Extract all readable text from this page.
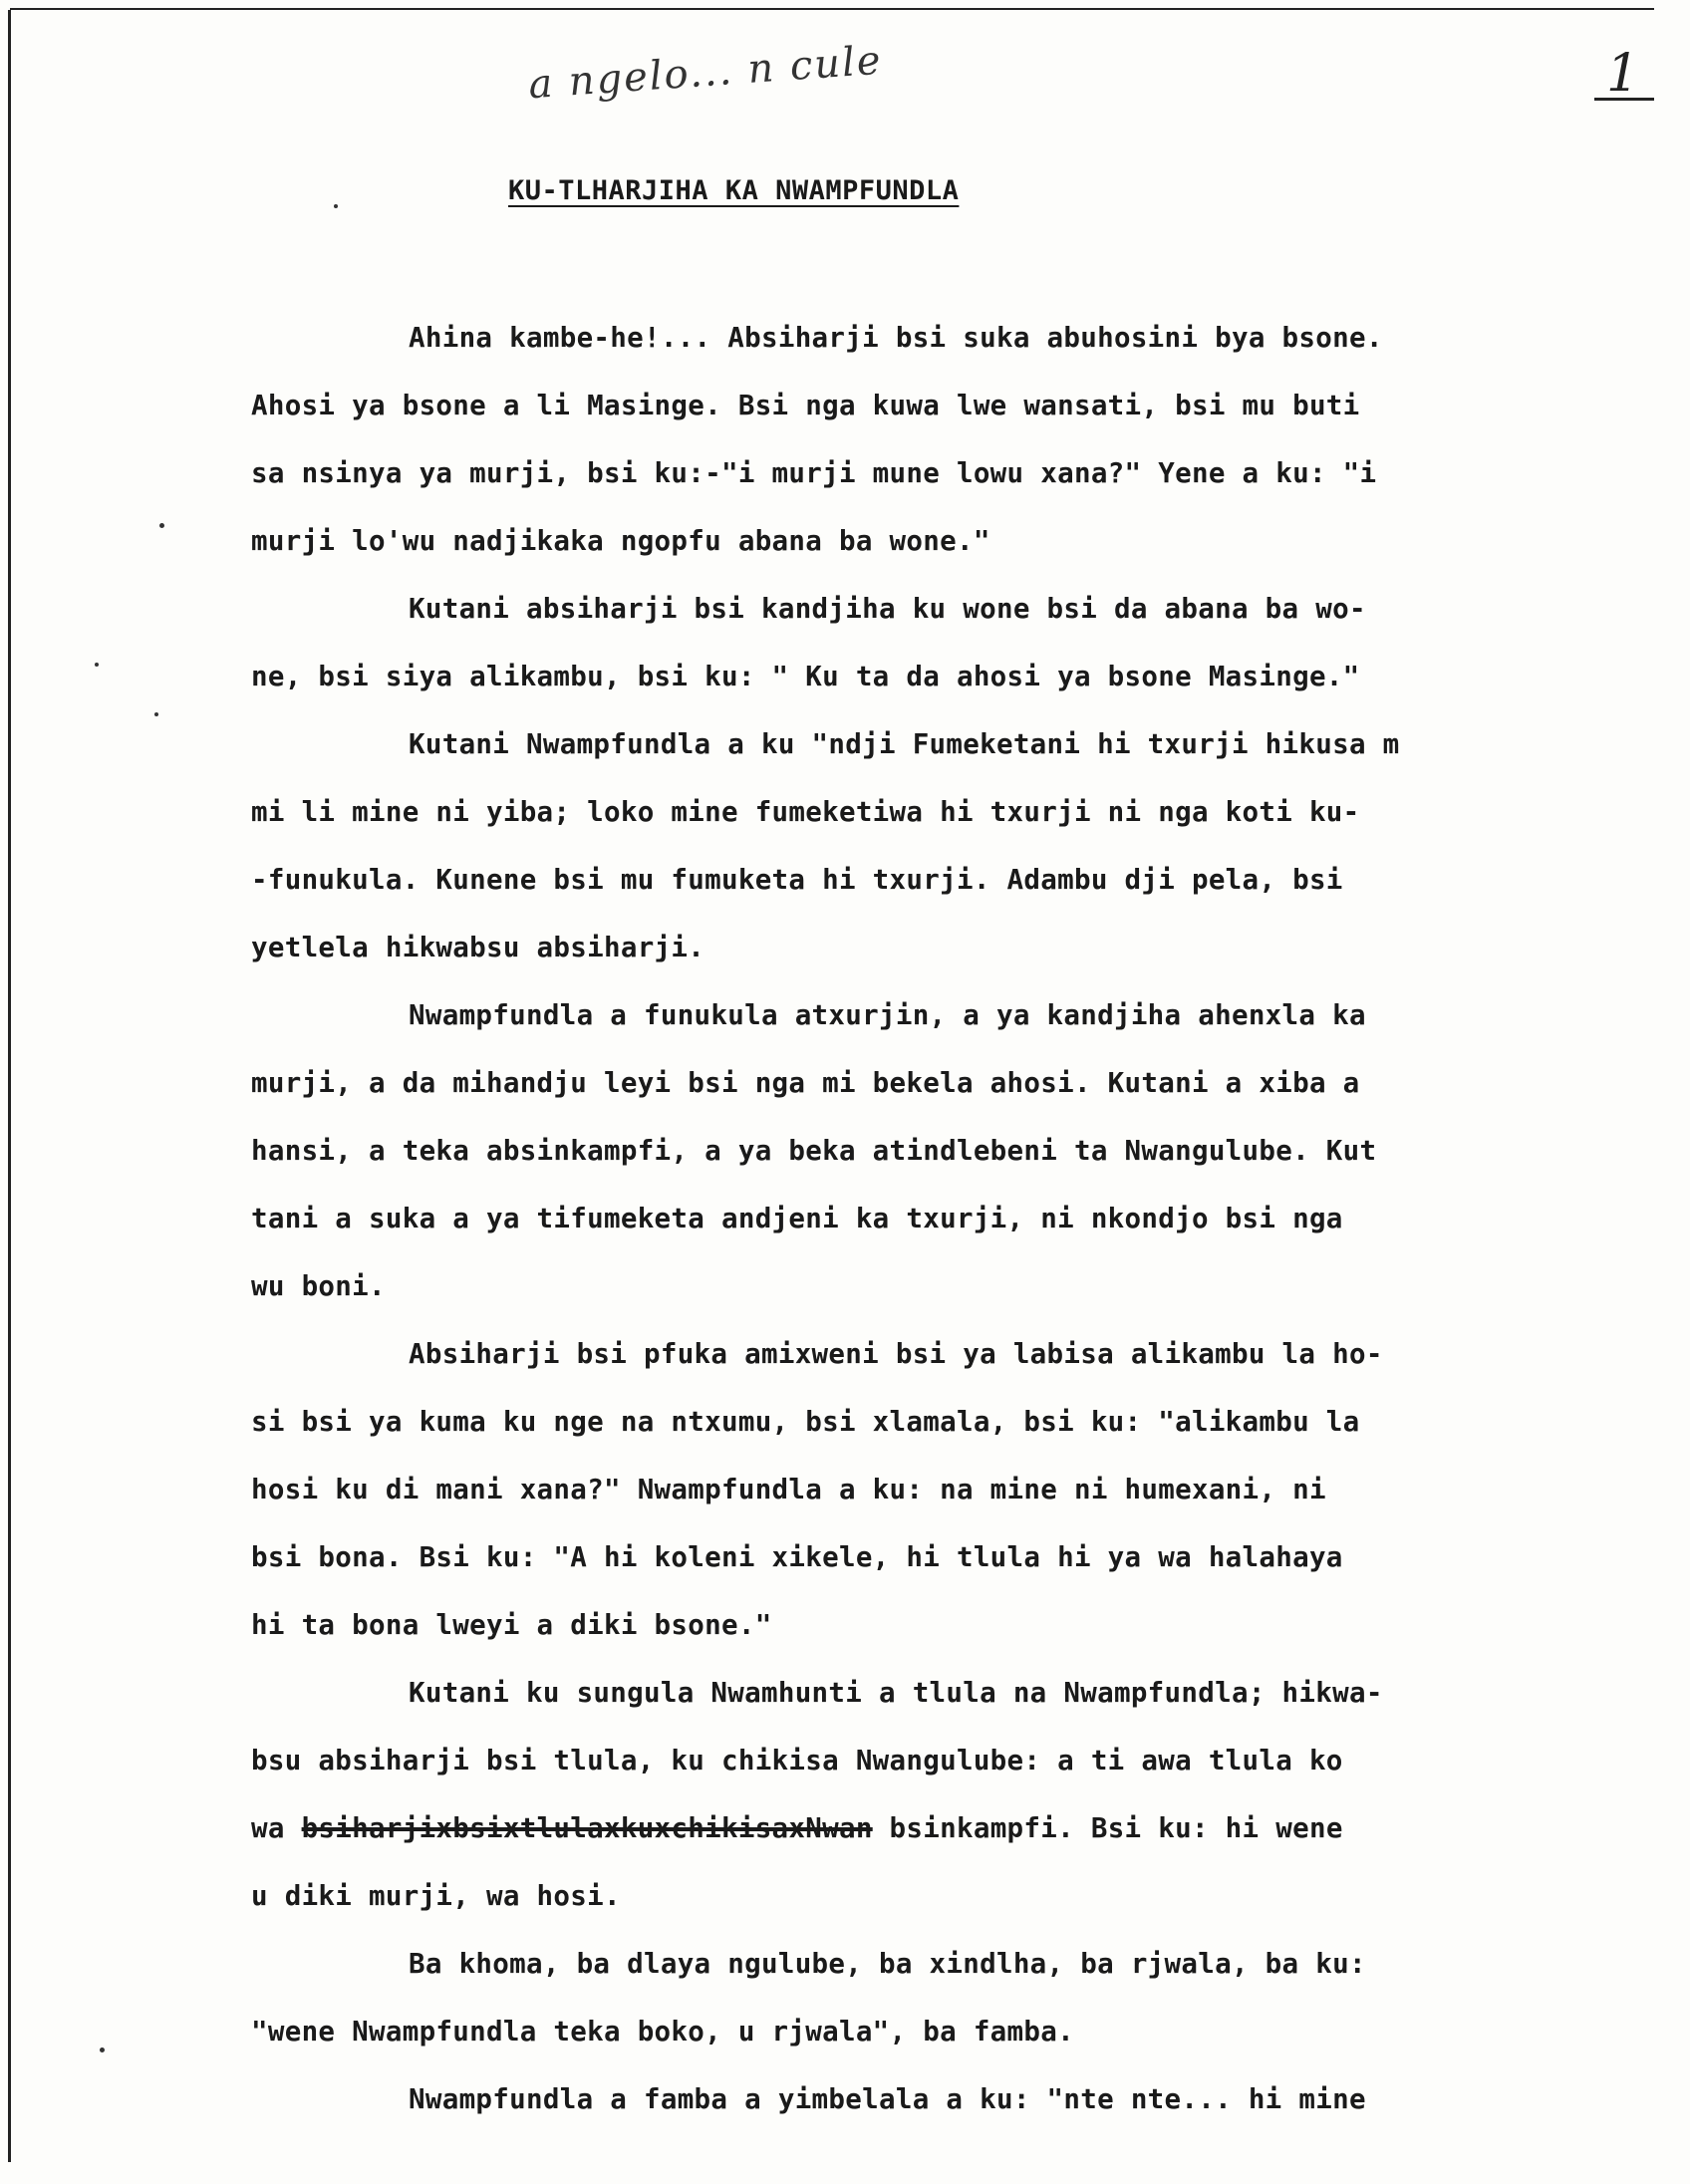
a ngelo... n cule	1
KU-TLHARJIHA KA NWAMPFUNDLA
Ahina kambe-he!... Absiharji bsi suka abuhosini bya bsone.
Ahosi ya bsone a li Masinge. Bsi nga kuwa lwe wansati, bsi mu buti
sa nsinya ya murji, bsi ku:-"i murji mune lowu xana?" Yene a ku: "i
murji lo'wu nadjikaka ngopfu abana ba wone."
Kutani absiharji bsi kandjiha ku wone bsi da abana ba wo-
ne, bsi siya alikambu, bsi ku: " Ku ta da ahosi ya bsone Masinge."
Kutani Nwampfundla a ku "ndji Fumeketani hi txurji hikusa m
mi li mine ni yiba; loko mine fumeketiwa hi txurji ni nga koti ku-
-funukula. Kunene bsi mu fumuketa hi txurji. Adambu dji pela, bsi
yetlela hikwabsu absiharji.
Nwampfundla a funukula atxurjin, a ya kandjiha ahenxla ka
murji, a da mihandju leyi bsi nga mi bekela ahosi. Kutani a xiba a
hansi, a teka absinkampfi, a ya beka atindlebeni ta Nwangulube. Kut
tani a suka a ya tifumeketa andjeni ka txurji, ni nkondjo bsi nga
wu boni.
Absiharji bsi pfuka amixweni bsi ya labisa alikambu la ho-
si bsi ya kuma ku nge na ntxumu, bsi xlamala, bsi ku: "alikambu la
hosi ku di mani xana?" Nwampfundla a ku: na mine ni humexani, ni
bsi bona. Bsi ku: "A hi koleni xikele, hi tlula hi ya wa halahaya
hi ta bona lweyi a diki bsone."
Kutani ku sungula Nwamhunti a tlula na Nwampfundla; hikwa-
bsu absiharji bsi tlula, ku chikisa Nwangulube: a ti awa tlula ko
wa bsiharjixbsixtlulaxkuxchikisaxNwan bsinkampfi. Bsi ku: hi wene
u diki murji, wa hosi.
Ba khoma, ba dlaya ngulube, ba xindlha, ba rjwala, ba ku:
"wene Nwampfundla teka boko, u rjwala", ba famba.
Nwampfundla a famba a yimbelala a ku: "nte nte... hi mine
